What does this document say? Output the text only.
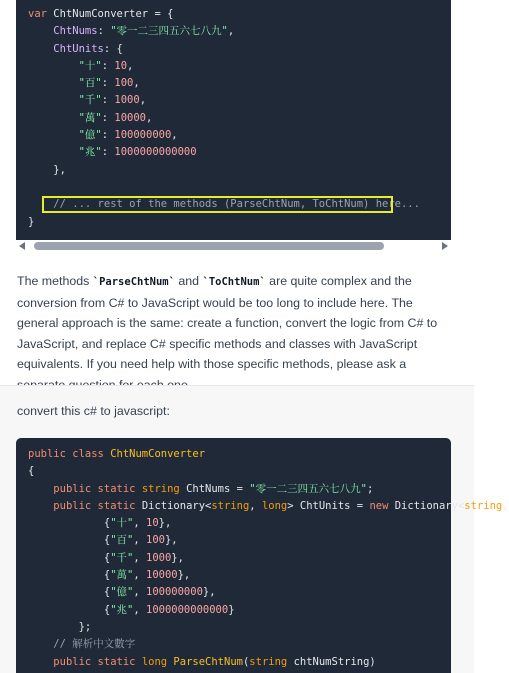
var ChtNumConverter = {
ChtNums: "零一二三四五六七八九",
ChtUnits: {
"十": 10,
"百": 100,
"千": 1000,
"萬": 10000,
"億": 100000000,
"兆": 1000000000000
},

// ... rest of the methods (ParseChtNum, ToChtNum) here...
}
The methods `ParseChtNum` and `ToChtNum` are quite complex and the conversion from C# to JavaScript would be too long to include here. The general approach is the same: create a function, convert the logic from C# to JavaScript, and replace C# specific methods and classes with JavaScript equivalents. If you need help with those specific methods, please ask a
convert this c# to javascript:
public class ChtNumConverter
{
public static string ChtNums = "零一二三四五六七八九";
public static Dictionary<string, long> ChtUnits = new Dictionary<string,
{"十", 10},
{"百", 100},
{"千", 1000},
{"萬", 10000},
{"億", 100000000},
{"兆", 1000000000000}
};
// 解析中文數字
public static long ParseChtNum(string chtNumString)
